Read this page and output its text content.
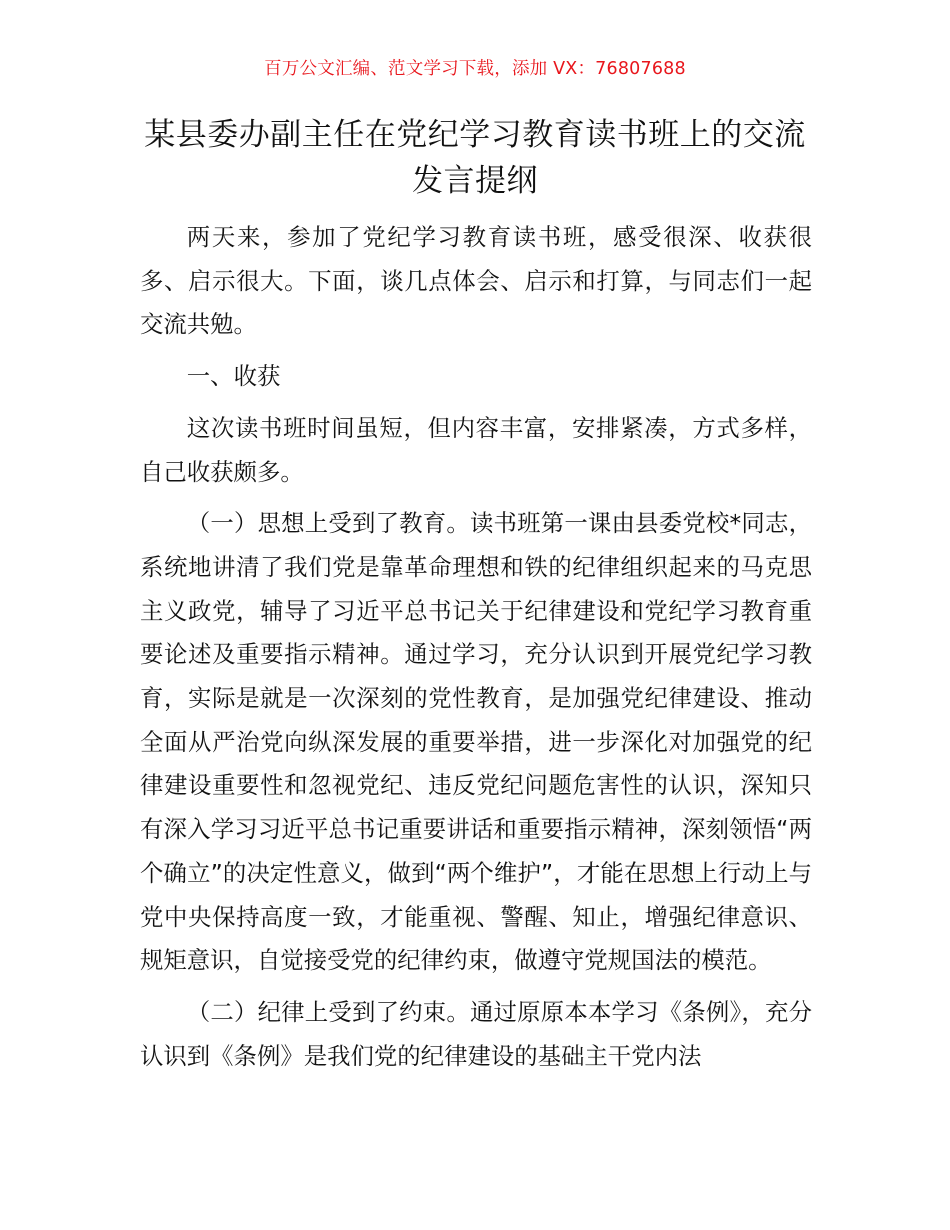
百万公文汇编、范文学习下载，添加 VX：76807688
某县委办副主任在党纪学习教育读书班上的交流发言提纲

两天来，参加了党纪学习教育读书班，感受很深、收获很多、启示很大。下面，谈几点体会、启示和打算，与同志们一起交流共勉。

一、收获

这次读书班时间虽短，但内容丰富，安排紧凑，方式多样，自己收获颇多。

（一）思想上受到了教育。读书班第一课由县委党校*同志，系统地讲清了我们党是靠革命理想和铁的纪律组织起来的马克思主义政党，辅导了习近平总书记关于纪律建设和党纪学习教育重要论述及重要指示精神。通过学习，充分认识到开展党纪学习教育，实际是就是一次深刻的党性教育，是加强党纪律建设、推动全面从严治党向纵深发展的重要举措，进一步深化对加强党的纪律建设重要性和忽视党纪、违反党纪问题危害性的认识，深知只有深入学习习近平总书记重要讲话和重要指示精神，深刻领悟“两个确立”的决定性意义，做到“两个维护”，才能在思想上行动上与党中央保持高度一致，才能重视、警醒、知止，增强纪律意识、规矩意识，自觉接受党的纪律约束，做遵守党规国法的模范。

（二）纪律上受到了约束。通过原原本本学习《条例》，充分认识到《条例》是我们党的纪律建设的基础主干党内法
